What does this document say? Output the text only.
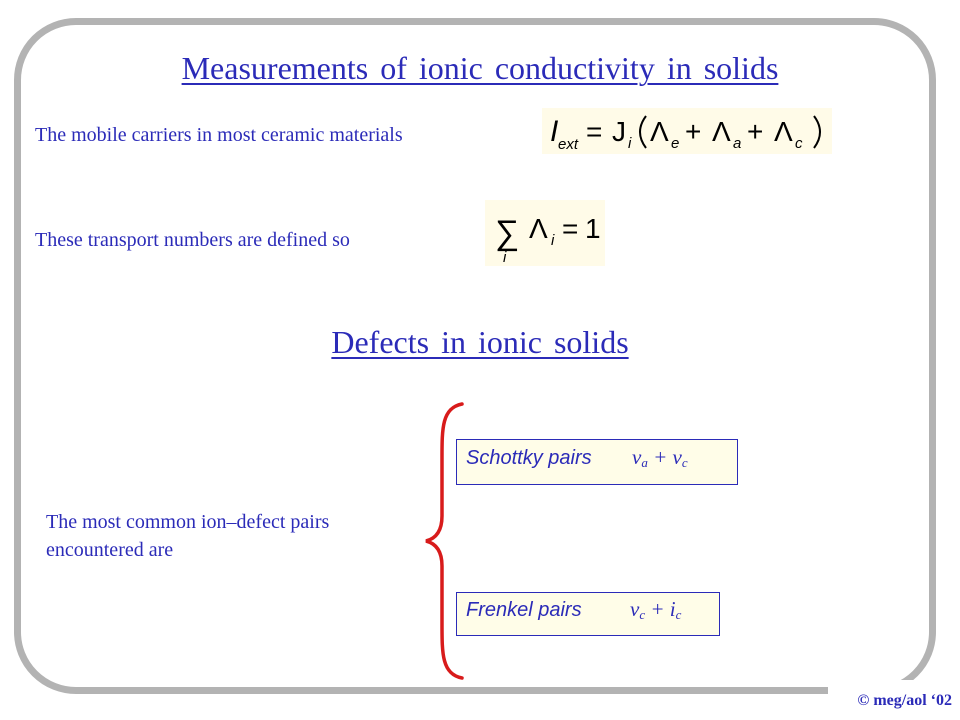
Measurements of ionic conductivity in solids
The mobile carriers in most ceramic materials	I ext = J i Λ e + Λ a + Λ c
These transport numbers are defined so	∑
i
Λ i = 1
Defects in ionic solids
The most common ion–defect pairs
encountered are
Schottky pairs $v_a + v_c$
Frenkel pairs $v_c + i_c$
© meg/aol ‘02
